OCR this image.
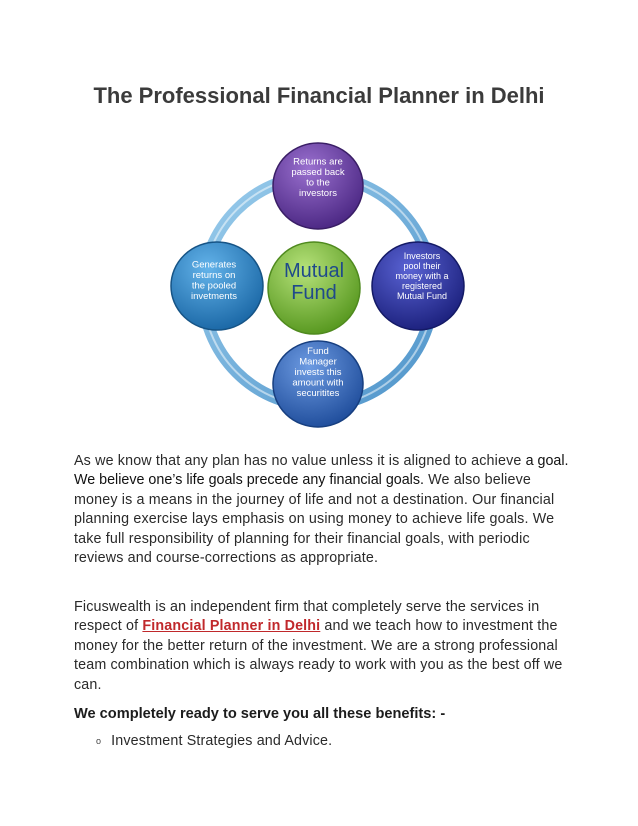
The Professional Financial Planner in Delhi
Mutual Fund
Returns are passed back to the investors
Investors pool their money with a registered Mutual Fund
Fund Manager invests this amount with securitites
Generates returns on the pooled invetments
As we know that any plan has no value unless it is aligned to achieve a goal. We believe one’s life goals precede any financial goals. We also believe money is a means in the journey of life and not a destination. Our financial planning exercise lays emphasis on using money to achieve life goals. We take full responsibility of planning for their financial goals, with periodic reviews and course-corrections as appropriate.
Ficuswealth is an independent firm that completely serve the services in respect of Financial Planner in Delhi and we teach how to investment the money for the better return of the investment. We are a strong professional team combination which is always ready to work with you as the best off we can.
We completely ready to serve you all these benefits: -
o Investment Strategies and Advice.
